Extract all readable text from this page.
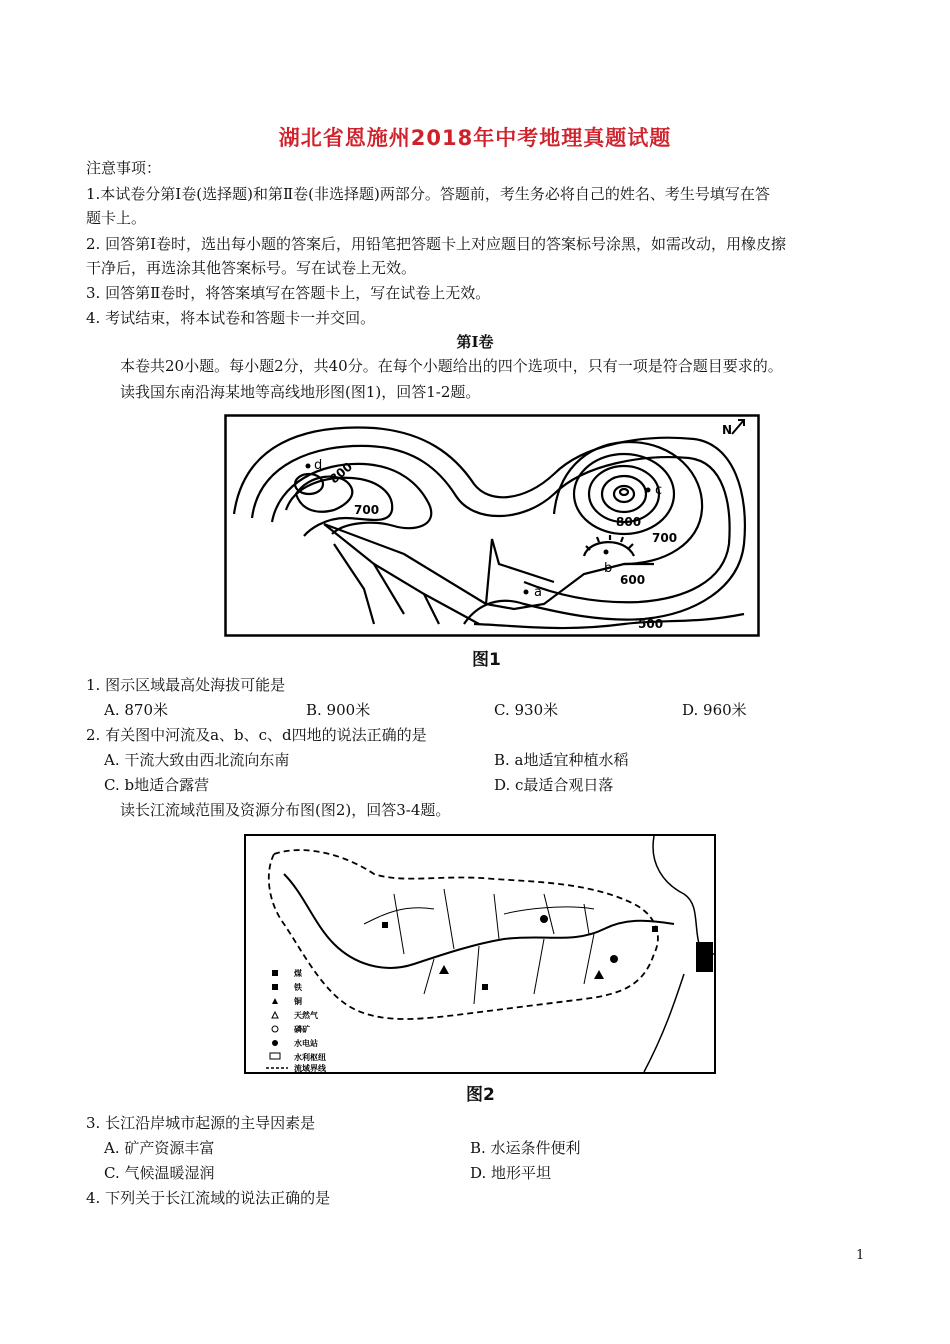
湖北省恩施州2018年中考地理真题试题
注意事项：
1.本试卷分第Ⅰ卷(选择题)和第Ⅱ卷(非选择题)两部分。答题前，考生务必将自己的姓名、考生号填写在答
题卡上。
2. 回答第Ⅰ卷时，选出每小题的答案后，用铅笔把答题卡上对应题目的答案标号涂黑，如需改动，用橡皮擦
干净后，再选涂其他答案标号。写在试卷上无效。
3. 回答第Ⅱ卷时，将答案填写在答题卡上，写在试卷上无效。
4. 考试结束，将本试卷和答题卡一并交回。
第Ⅰ卷
本卷共20小题。每小题2分，共40分。在每个小题给出的四个选项中，只有一项是符合题目要求的。
读我国东南沿海某地等高线地形图(图1)，回答1-2题。
N
d
c
b
a
800
700
800
700
600
500
图1
1. 图示区域最高处海拔可能是
A. 870米	B. 900米	C. 930米	D. 960米
2. 有关图中河流及a、b、c、d四地的说法正确的是
A. 干流大致由西北流向东南	B. a地适宜种植水稻
C. b地适合露营	D. c最适合观日落
读长江流域范围及资源分布图(图2)，回答3-4题。
煤
铁
铜
天然气
磷矿
水电站
水利枢纽
流域界线
图2
3. 长江沿岸城市起源的主导因素是
A. 矿产资源丰富	B. 水运条件便利
C. 气候温暖湿润	D. 地形平坦
4. 下列关于长江流域的说法正确的是
1
